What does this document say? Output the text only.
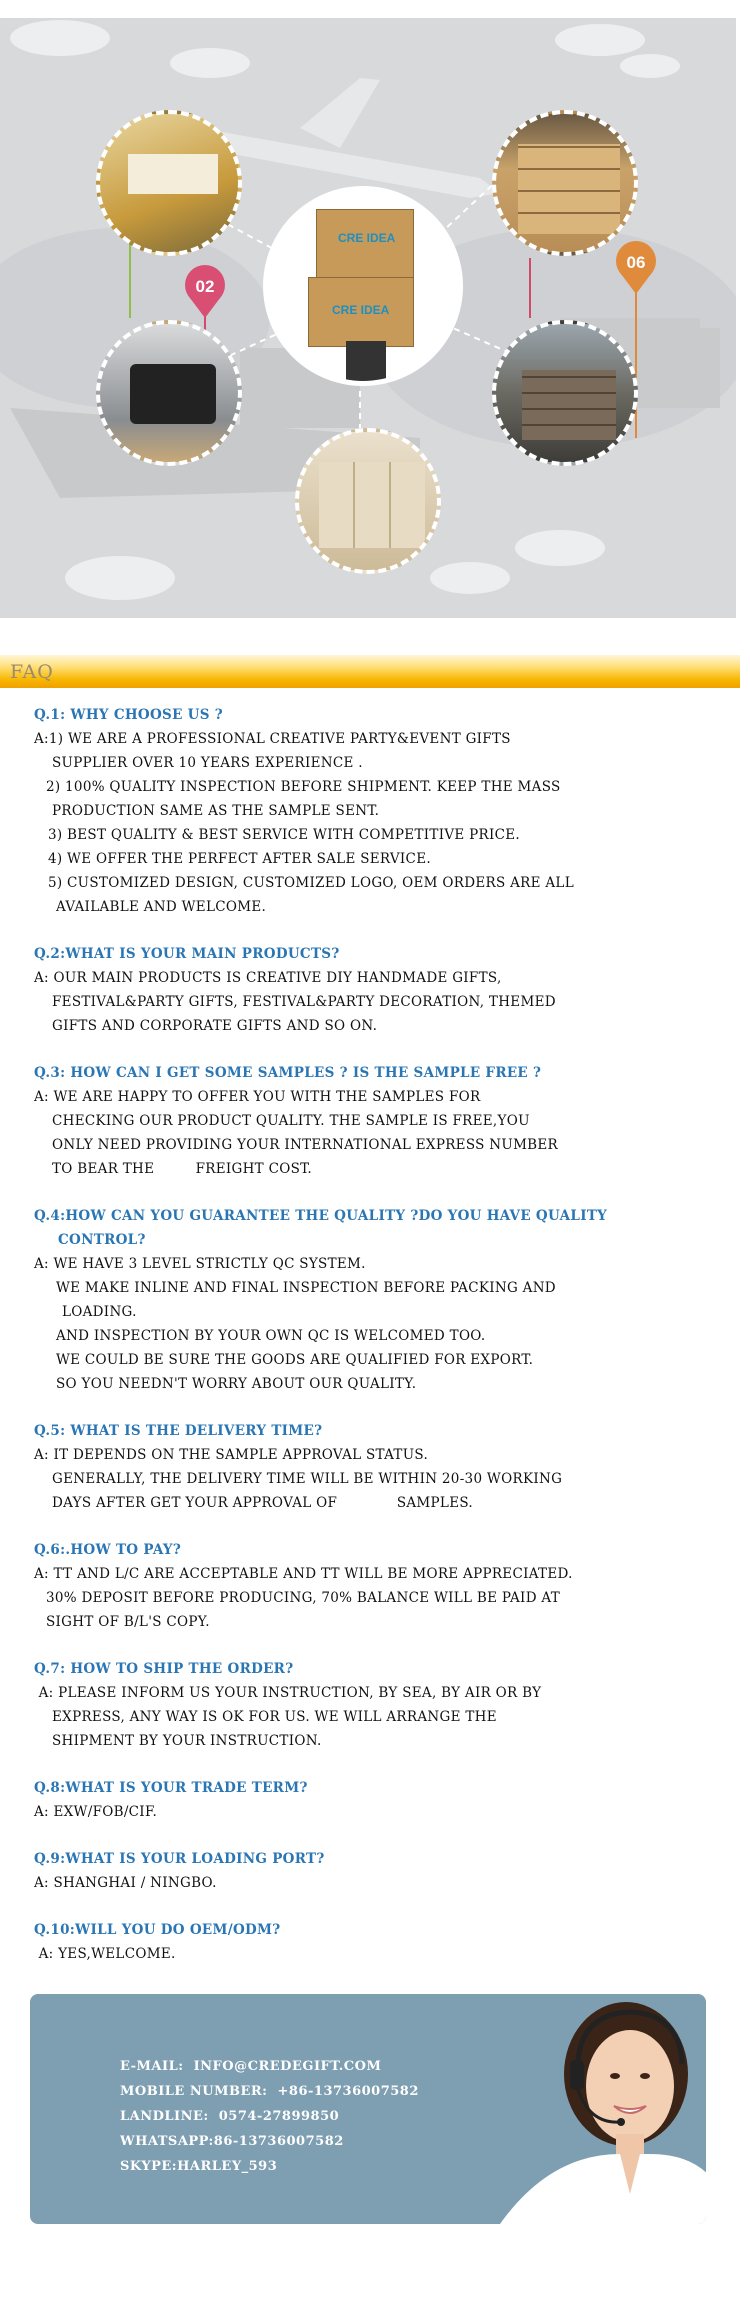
02
06
CRE IDEA
CRE IDEA
FAQ
Q.1: WHY CHOOSE US ?
A:1) WE ARE A PROFESSIONAL CREATIVE PARTY&EVENT GIFTS
SUPPLIER OVER 10 YEARS EXPERIENCE .
2) 100% QUALITY INSPECTION BEFORE SHIPMENT. KEEP THE MASS
PRODUCTION SAME AS THE SAMPLE SENT.
3) BEST QUALITY & BEST SERVICE WITH COMPETITIVE PRICE.
4) WE OFFER THE PERFECT AFTER SALE SERVICE.
5) CUSTOMIZED DESIGN, CUSTOMIZED LOGO, OEM ORDERS ARE ALL
AVAILABLE AND WELCOME.
Q.2:WHAT IS YOUR MAIN PRODUCTS?
A: OUR MAIN PRODUCTS IS CREATIVE DIY HANDMADE GIFTS,
FESTIVAL&PARTY GIFTS, FESTIVAL&PARTY DECORATION, THEMED
GIFTS AND CORPORATE GIFTS AND SO ON.
Q.3: HOW CAN I GET SOME SAMPLES ? IS THE SAMPLE FREE ?
A: WE ARE HAPPY TO OFFER YOU WITH THE SAMPLES FOR
CHECKING OUR PRODUCT QUALITY. THE SAMPLE IS FREE,YOU
ONLY NEED PROVIDING YOUR INTERNATIONAL EXPRESS NUMBER
TO BEAR THE         FREIGHT COST.
Q.4:HOW CAN YOU GUARANTEE THE QUALITY ?DO YOU HAVE QUALITY
CONTROL?
A: WE HAVE 3 LEVEL STRICTLY QC SYSTEM.
WE MAKE INLINE AND FINAL INSPECTION BEFORE PACKING AND
LOADING.
AND INSPECTION BY YOUR OWN QC IS WELCOMED TOO.
WE COULD BE SURE THE GOODS ARE QUALIFIED FOR EXPORT.
SO YOU NEEDN'T WORRY ABOUT OUR QUALITY.
Q.5: WHAT IS THE DELIVERY TIME?
A: IT DEPENDS ON THE SAMPLE APPROVAL STATUS.
GENERALLY, THE DELIVERY TIME WILL BE WITHIN 20-30 WORKING
DAYS AFTER GET YOUR APPROVAL OF             SAMPLES.
Q.6:.HOW TO PAY?
A: TT AND L/C ARE ACCEPTABLE AND TT WILL BE MORE APPRECIATED.
30% DEPOSIT BEFORE PRODUCING, 70% BALANCE WILL BE PAID AT
SIGHT OF B/L'S COPY.
Q.7: HOW TO SHIP THE ORDER?
A: PLEASE INFORM US YOUR INSTRUCTION, BY SEA, BY AIR OR BY
EXPRESS, ANY WAY IS OK FOR US. WE WILL ARRANGE THE
SHIPMENT BY YOUR INSTRUCTION.
Q.8:WHAT IS YOUR TRADE TERM?
A: EXW/FOB/CIF.
Q.9:WHAT IS YOUR LOADING PORT?
A: SHANGHAI / NINGBO.
Q.10:WILL YOU DO OEM/ODM?
A: YES,WELCOME.
E-MAIL:  INFO@CREDEGIFT.COM
MOBILE NUMBER:  +86-13736007582
LANDLINE:  0574-27899850
WHATSAPP:86-13736007582
SKYPE:HARLEY_593
